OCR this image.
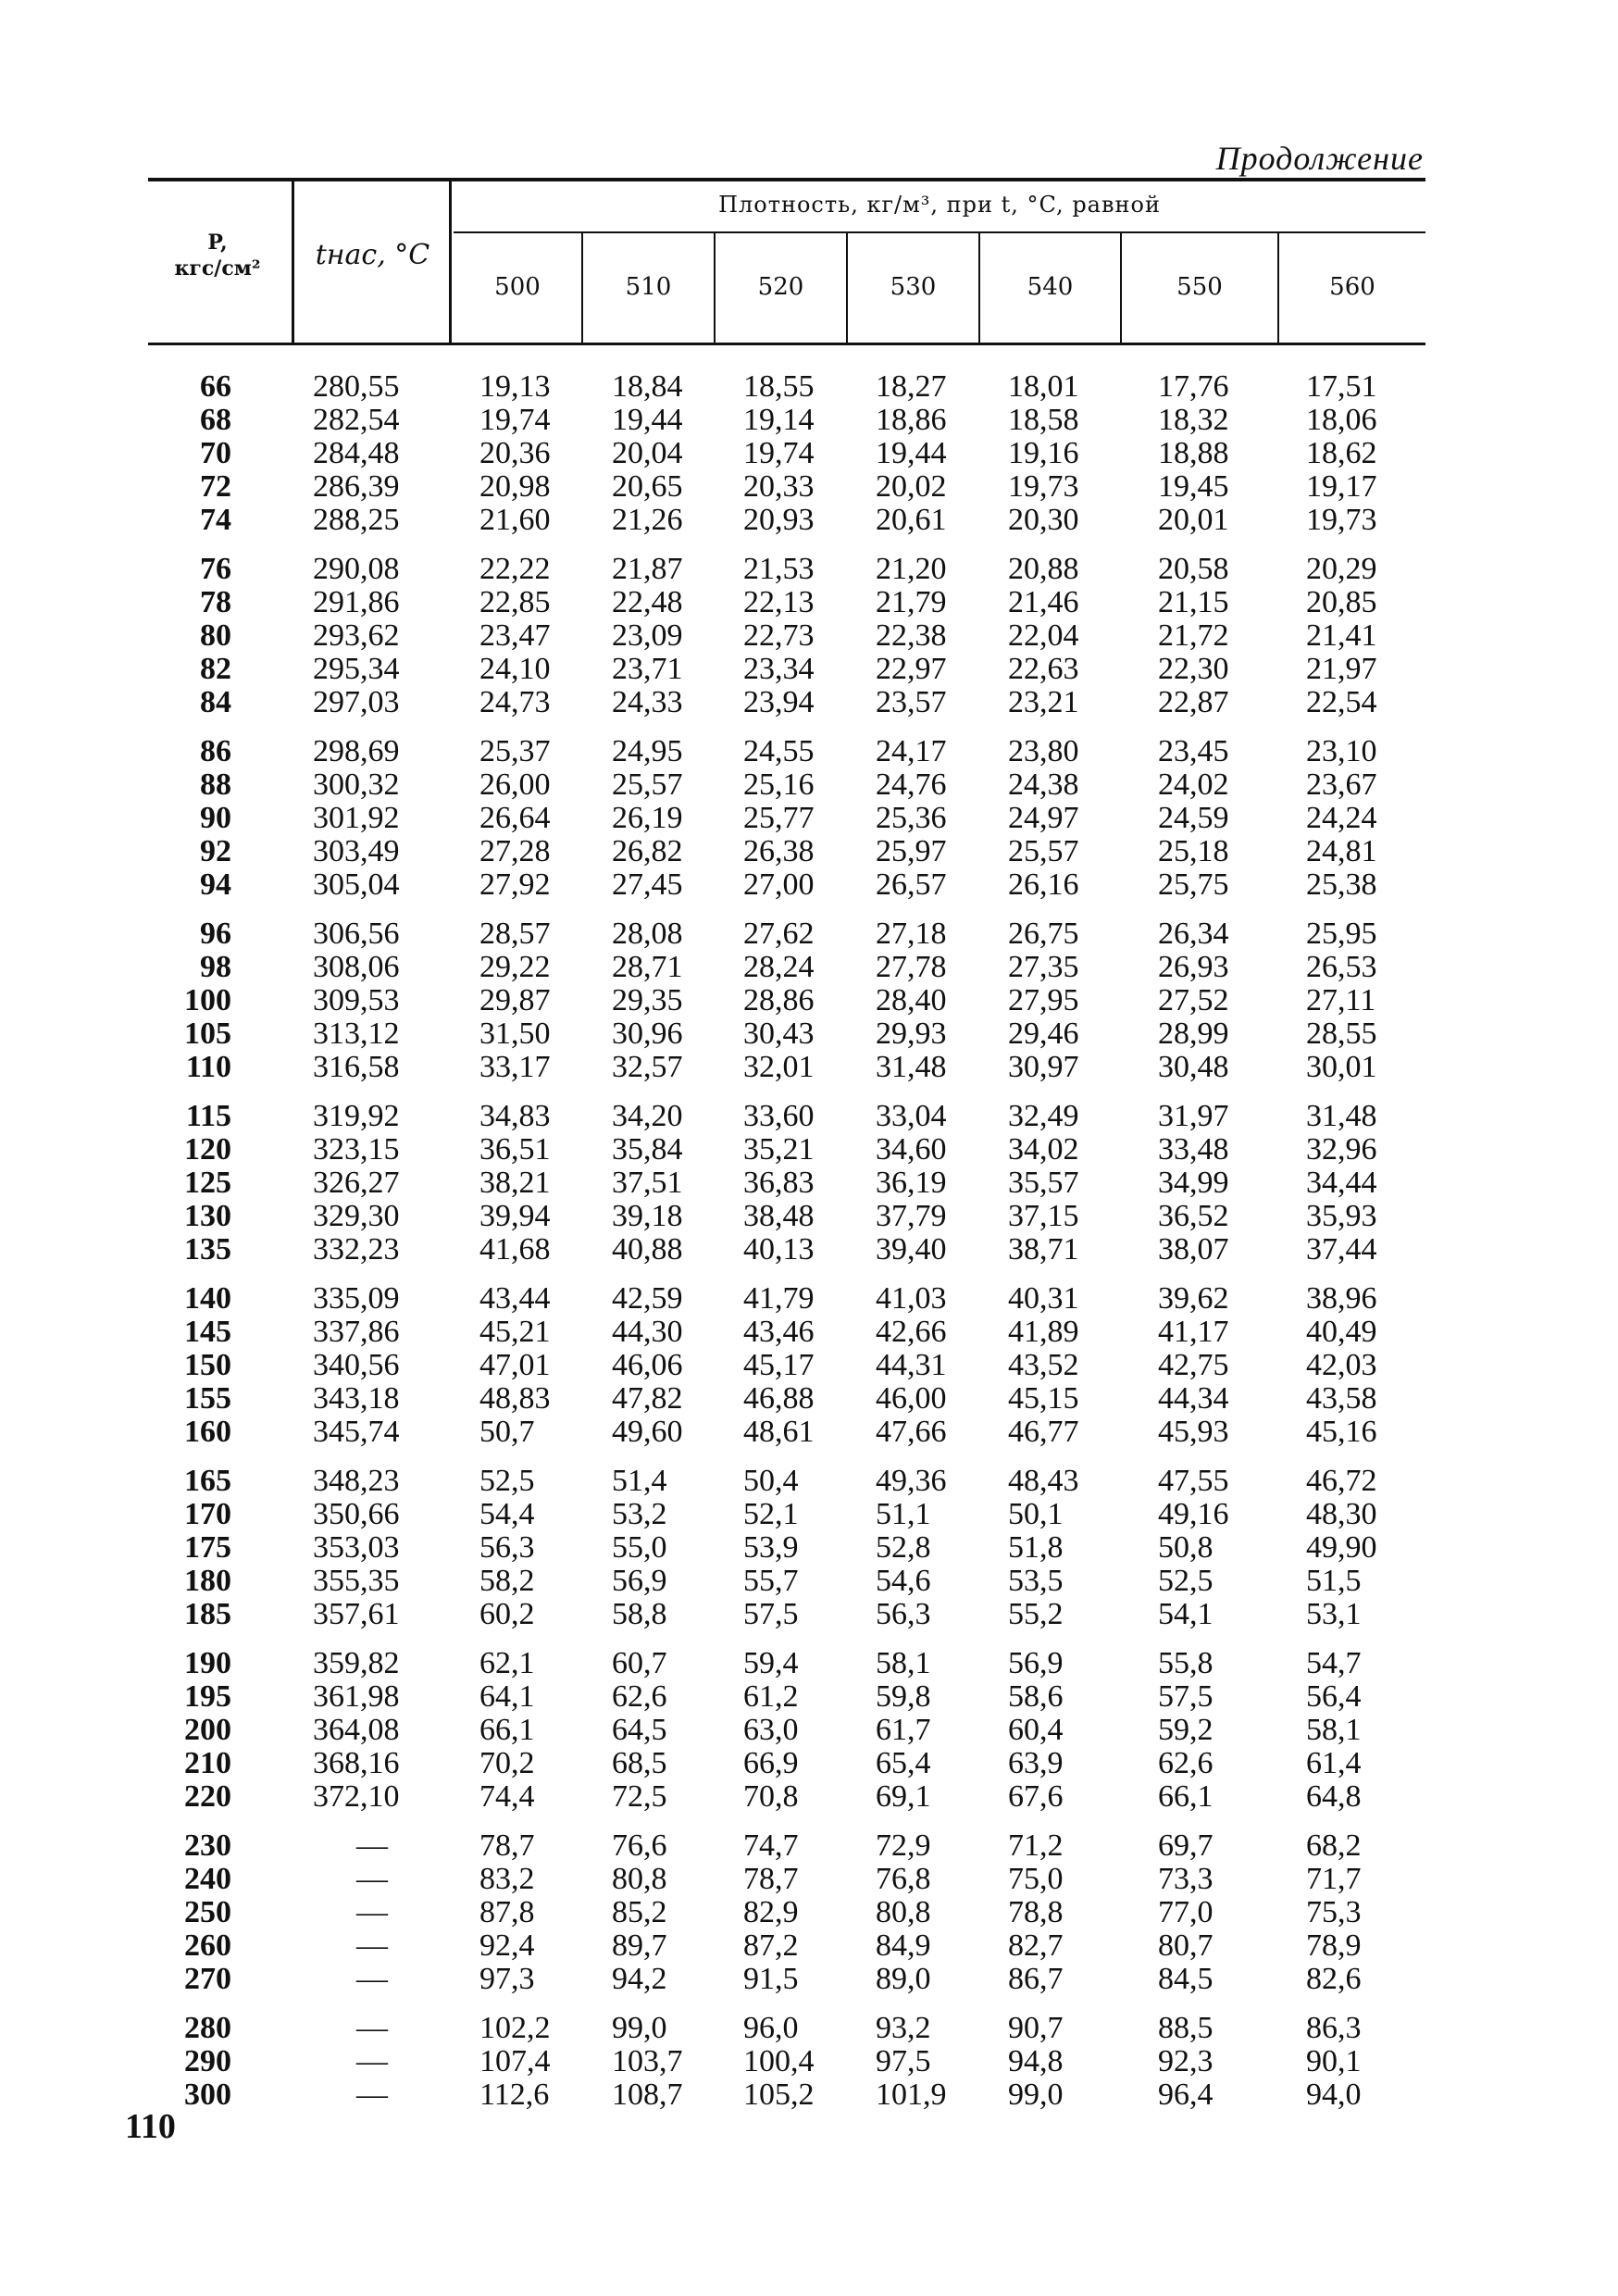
Продолжение
P,
кгс/см²	tнас, °C
Плотность, кг/м³, при t, °C, равной
500	510	520	530	540	550	560
66	280,55	19,13 18,84 18,55 18,27 18,01	17,76 17,51
68	282,54	19,74 19,44 19,14 18,86 18,58	18,32 18,06
70	284,48	20,36 20,04 19,74 19,44 19,16	18,88 18,62
72	286,39	20,98 20,65 20,33 20,02 19,73	19,45 19,17
74	288,25	21,60 21,26 20,93 20,61 20,30	20,01 19,73
76	290,08	22,22 21,87 21,53 21,20 20,88	20,58 20,29
78	291,86	22,85 22,48 22,13 21,79 21,46	21,15 20,85
80	293,62	23,47 23,09 22,73 22,38 22,04	21,72 21,41
82	295,34	24,10 23,71 23,34 22,97 22,63	22,30 21,97
84	297,03	24,73 24,33 23,94 23,57 23,21	22,87 22,54
86	298,69	25,37 24,95 24,55 24,17 23,80	23,45 23,10
88	300,32	26,00 25,57 25,16 24,76 24,38	24,02 23,67
90	301,92	26,64 26,19 25,77 25,36 24,97	24,59 24,24
92	303,49	27,28 26,82 26,38 25,97 25,57	25,18 24,81
94	305,04	27,92 27,45 27,00 26,57 26,16	25,75 25,38
96	306,56	28,57 28,08 27,62 27,18 26,75	26,34 25,95
98	308,06	29,22 28,71 28,24 27,78 27,35	26,93 26,53
100	309,53	29,87 29,35 28,86 28,40 27,95	27,52 27,11
105	313,12	31,50 30,96 30,43 29,93 29,46	28,99 28,55
110	316,58	33,17 32,57 32,01 31,48 30,97	30,48 30,01
115	319,92	34,83 34,20 33,60 33,04 32,49	31,97 31,48
120	323,15	36,51 35,84 35,21 34,60 34,02	33,48 32,96
125	326,27	38,21 37,51 36,83 36,19 35,57	34,99 34,44
130	329,30	39,94 39,18 38,48 37,79 37,15	36,52 35,93
135	332,23	41,68 40,88 40,13 39,40 38,71	38,07 37,44
140	335,09	43,44 42,59 41,79 41,03 40,31	39,62 38,96
145	337,86	45,21 44,30 43,46 42,66 41,89	41,17 40,49
150	340,56	47,01 46,06 45,17 44,31 43,52	42,75 42,03
155	343,18	48,83 47,82 46,88 46,00 45,15	44,34 43,58
160	345,74	50,7 49,60 48,61 47,66 46,77	45,93 45,16
165	348,23	52,5 51,4 50,4 49,36 48,43	47,55 46,72
170	350,66	54,4 53,2 52,1 51,1 50,1	49,16 48,30
175	353,03	56,3 55,0 53,9 52,8 51,8	50,8	49,90
180	355,35	58,2 56,9 55,7 54,6 53,5	52,5	51,5
185	357,61	60,2 58,8 57,5 56,3 55,2	54,1	53,1
190	359,82	62,1 60,7 59,4 58,1 56,9	55,8	54,7
195	361,98	64,1 62,6 61,2 59,8 58,6	57,5	56,4
200	364,08	66,1 64,5 63,0 61,7 60,4	59,2	58,1
210	368,16	70,2 68,5 66,9 65,4 63,9	62,6	61,4
220	372,10	74,4 72,5 70,8 69,1 67,6	66,1	64,8
230	—	78,7 76,6 74,7 72,9 71,2	69,7	68,2
240	—	83,2 80,8 78,7 76,8 75,0	73,3	71,7
250	—	87,8 85,2 82,9 80,8 78,8	77,0	75,3
260	—	92,4 89,7 87,2 84,9 82,7	80,7	78,9
270	—	97,3 94,2 91,5 89,0 86,7	84,5	82,6
280	—	102,2 99,0 96,0 93,2 90,7	88,5	86,3
290	—	107,4 103,7 100,4 97,5 94,8	92,3	90,1
300	—	112,6 108,7 105,2 101,9 99,0	96,4	94,0
110
